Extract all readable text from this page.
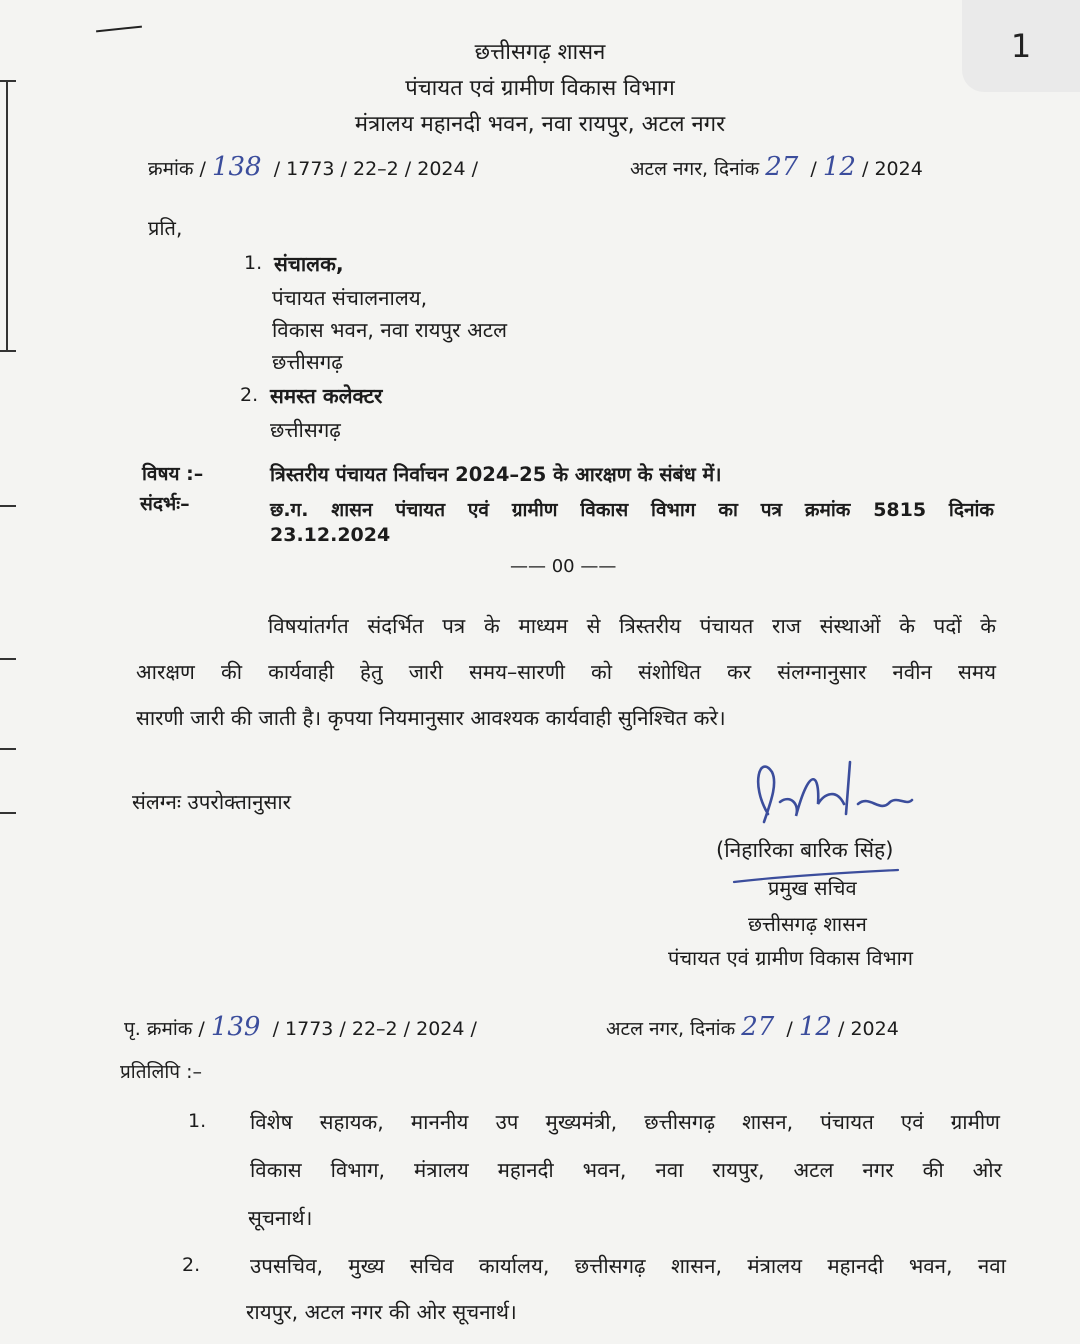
1
छत्तीसगढ़ शासन
पंचायत एवं ग्रामीण विकास विभाग
मंत्रालय महानदी भवन, नवा रायपुर, अटल नगर
क्रमांक / 138  / 1773 / 22–2 / 2024 /	अटल नगर, दिनांक 27  / 12 / 2024
प्रति,
1. संचालक,
पंचायत संचालनालय,
विकास भवन, नवा रायपुर अटल
छत्तीसगढ़
2. समस्त कलेक्टर
छत्तीसगढ़
विषय :–	त्रिस्तरीय पंचायत निर्वाचन 2024–25 के आरक्षण के संबंध में।
संदर्भः–	छ.ग. शासन पंचायत एवं ग्रामीण विकास विभाग का पत्र क्रमांक 5815 दिनांक
23.12.2024
—— 00 ——
विषयांतर्गत संदर्भित पत्र के माध्यम से त्रिस्तरीय पंचायत राज संस्थाओं के पदों के
आरक्षण की कार्यवाही हेतु जारी समय–सारणी को संशोधित कर संलग्नानुसार नवीन समय
सारणी जारी की जाती है। कृपया नियमानुसार आवश्यक कार्यवाही सुनिश्चित करे।
संलग्नः उपरोक्तानुसार
(निहारिका बारिक सिंह)
प्रमुख सचिव
छत्तीसगढ़ शासन
पंचायत एवं ग्रामीण विकास विभाग
पृ. क्रमांक / 139  / 1773 / 22–2 / 2024 /	अटल नगर, दिनांक 27  / 12 / 2024
प्रतिलिपि :–
1. विशेष सहायक, माननीय उप मुख्यमंत्री, छत्तीसगढ़ शासन, पंचायत एवं ग्रामीण
विकास विभाग, मंत्रालय महानदी भवन, नवा रायपुर, अटल नगर की ओर
सूचनार्थ।
2. उपसचिव, मुख्य सचिव कार्यालय, छत्तीसगढ़ शासन, मंत्रालय महानदी भवन, नवा
रायपुर, अटल नगर की ओर सूचनार्थ।
